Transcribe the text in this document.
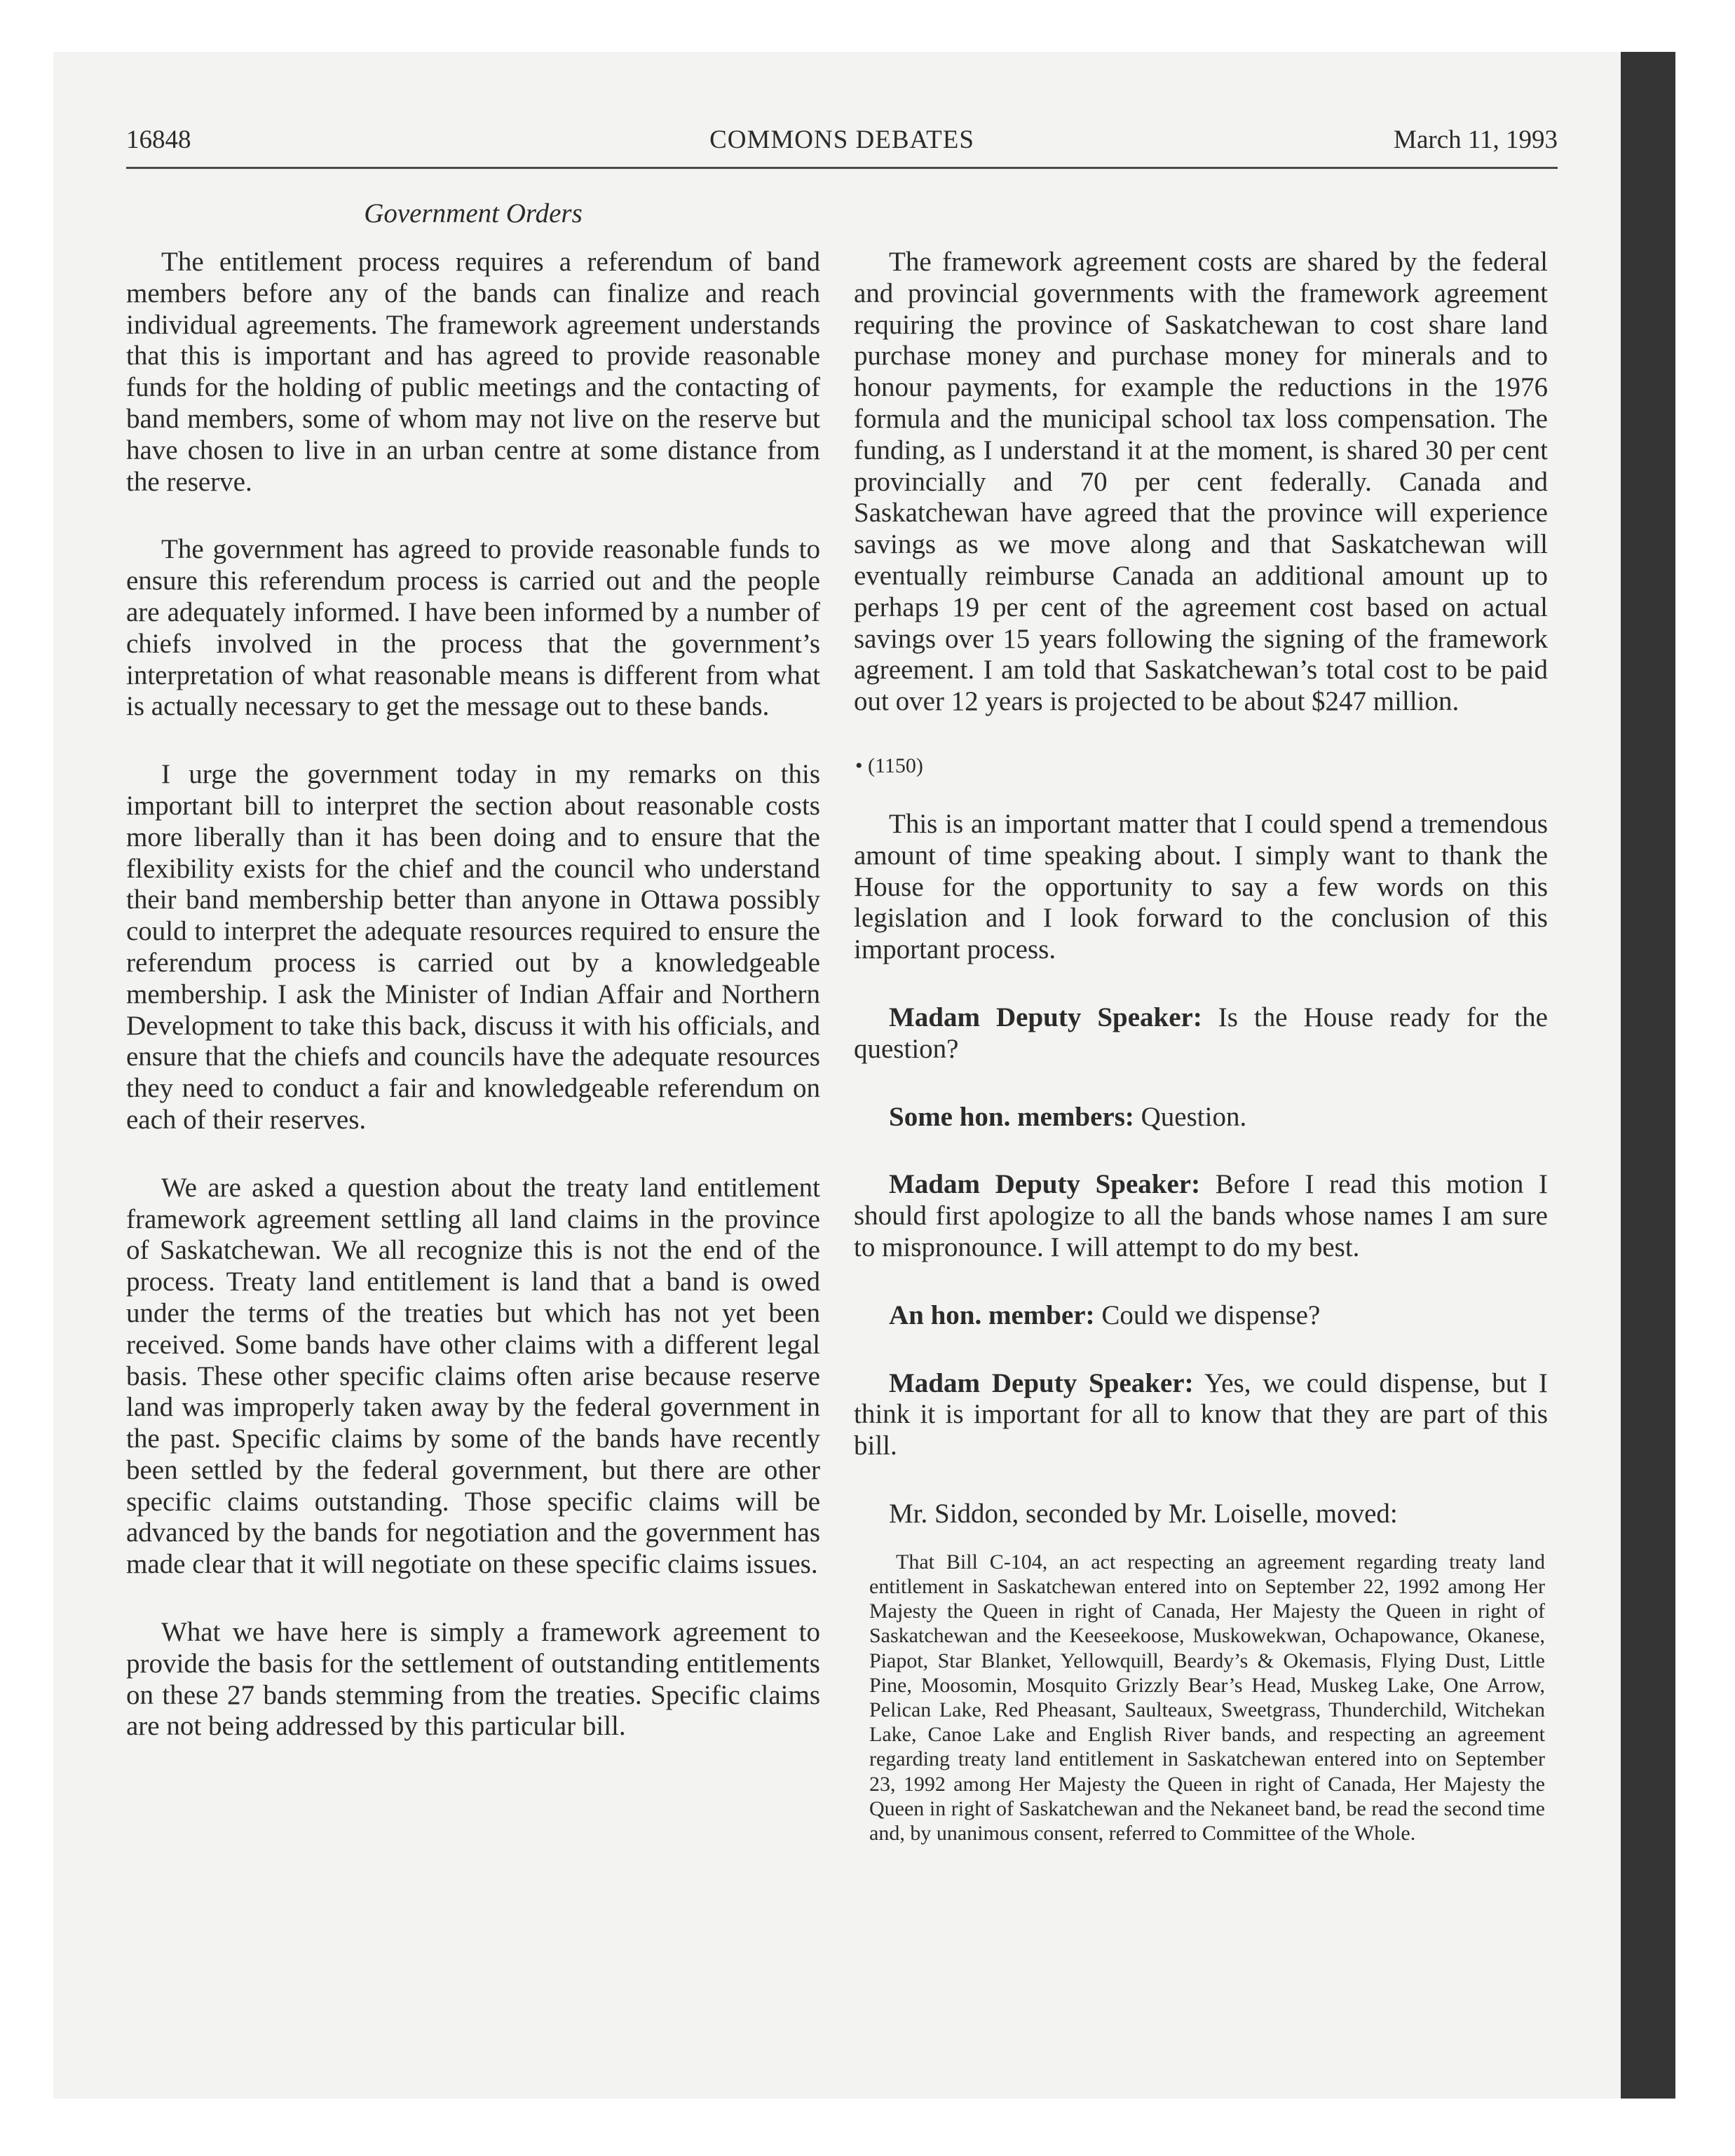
16848	COMMONS DEBATES	March 11, 1993
Government Orders

The entitlement process requires a referendum of band members before any of the bands can finalize and reach individual agreements. The framework agreement understands that this is important and has agreed to provide reasonable funds for the holding of public meetings and the contacting of band members, some of whom may not live on the reserve but have chosen to live in an urban centre at some distance from the reserve.

The government has agreed to provide reasonable funds to ensure this referendum process is carried out and the people are adequately informed. I have been informed by a number of chiefs involved in the process that the government’s interpretation of what reasonable means is different from what is actually necessary to get the message out to these bands.

I urge the government today in my remarks on this important bill to interpret the section about reasonable costs more liberally than it has been doing and to ensure that the flexibility exists for the chief and the council who understand their band membership better than anyone in Ottawa possibly could to interpret the adequate resources required to ensure the referendum process is carried out by a knowledgeable membership. I ask the Minister of Indian Affair and Northern Development to take this back, discuss it with his officials, and ensure that the chiefs and councils have the adequate resources they need to conduct a fair and knowledgeable referendum on each of their reserves.

We are asked a question about the treaty land entitlement framework agreement settling all land claims in the province of Saskatchewan. We all recognize this is not the end of the process. Treaty land entitlement is land that a band is owed under the terms of the treaties but which has not yet been received. Some bands have other claims with a different legal basis. These other specific claims often arise because reserve land was improperly taken away by the federal government in the past. Specific claims by some of the bands have recently been settled by the federal government, but there are other specific claims outstanding. Those specific claims will be advanced by the bands for negotiation and the government has made clear that it will negotiate on these specific claims issues.

What we have here is simply a framework agreement to provide the basis for the settlement of outstanding entitlements on these 27 bands stemming from the treaties. Specific claims are not being addressed by this particular bill.

The framework agreement costs are shared by the federal and provincial governments with the framework agreement requiring the province of Saskatchewan to cost share land purchase money and purchase money for minerals and to honour payments, for example the reductions in the 1976 formula and the municipal school tax loss compensation. The funding, as I understand it at the moment, is shared 30 per cent provincially and 70 per cent federally. Canada and Saskatchewan have agreed that the province will experience savings as we move along and that Saskatchewan will eventually reimburse Canada an additional amount up to perhaps 19 per cent of the agreement cost based on actual savings over 15 years following the signing of the framework agreement. I am told that Saskatchewan’s total cost to be paid out over 12 years is projected to be about $247 million.

• (1150)

This is an important matter that I could spend a tremendous amount of time speaking about. I simply want to thank the House for the opportunity to say a few words on this legislation and I look forward to the conclusion of this important process.

Madam Deputy Speaker: Is the House ready for the question?

Some hon. members: Question.

Madam Deputy Speaker: Before I read this motion I should first apologize to all the bands whose names I am sure to mispronounce. I will attempt to do my best.

An hon. member: Could we dispense?

Madam Deputy Speaker: Yes, we could dispense, but I think it is important for all to know that they are part of this bill.

Mr. Siddon, seconded by Mr. Loiselle, moved:

That Bill C-104, an act respecting an agreement regarding treaty land entitlement in Saskatchewan entered into on September 22, 1992 among Her Majesty the Queen in right of Canada, Her Majesty the Queen in right of Saskatchewan and the Keeseekoose, Muskowekwan, Ochapowance, Okanese, Piapot, Star Blanket, Yellowquill, Beardy’s & Okemasis, Flying Dust, Little Pine, Moosomin, Mosquito Grizzly Bear’s Head, Muskeg Lake, One Arrow, Pelican Lake, Red Pheasant, Saulteaux, Sweetgrass, Thunderchild, Witchekan Lake, Canoe Lake and English River bands, and respecting an agreement regarding treaty land entitlement in Saskatchewan entered into on September 23, 1992 among Her Majesty the Queen in right of Canada, Her Majesty the Queen in right of Saskatchewan and the Nekaneet band, be read the second time and, by unanimous consent, referred to Committee of the Whole.
